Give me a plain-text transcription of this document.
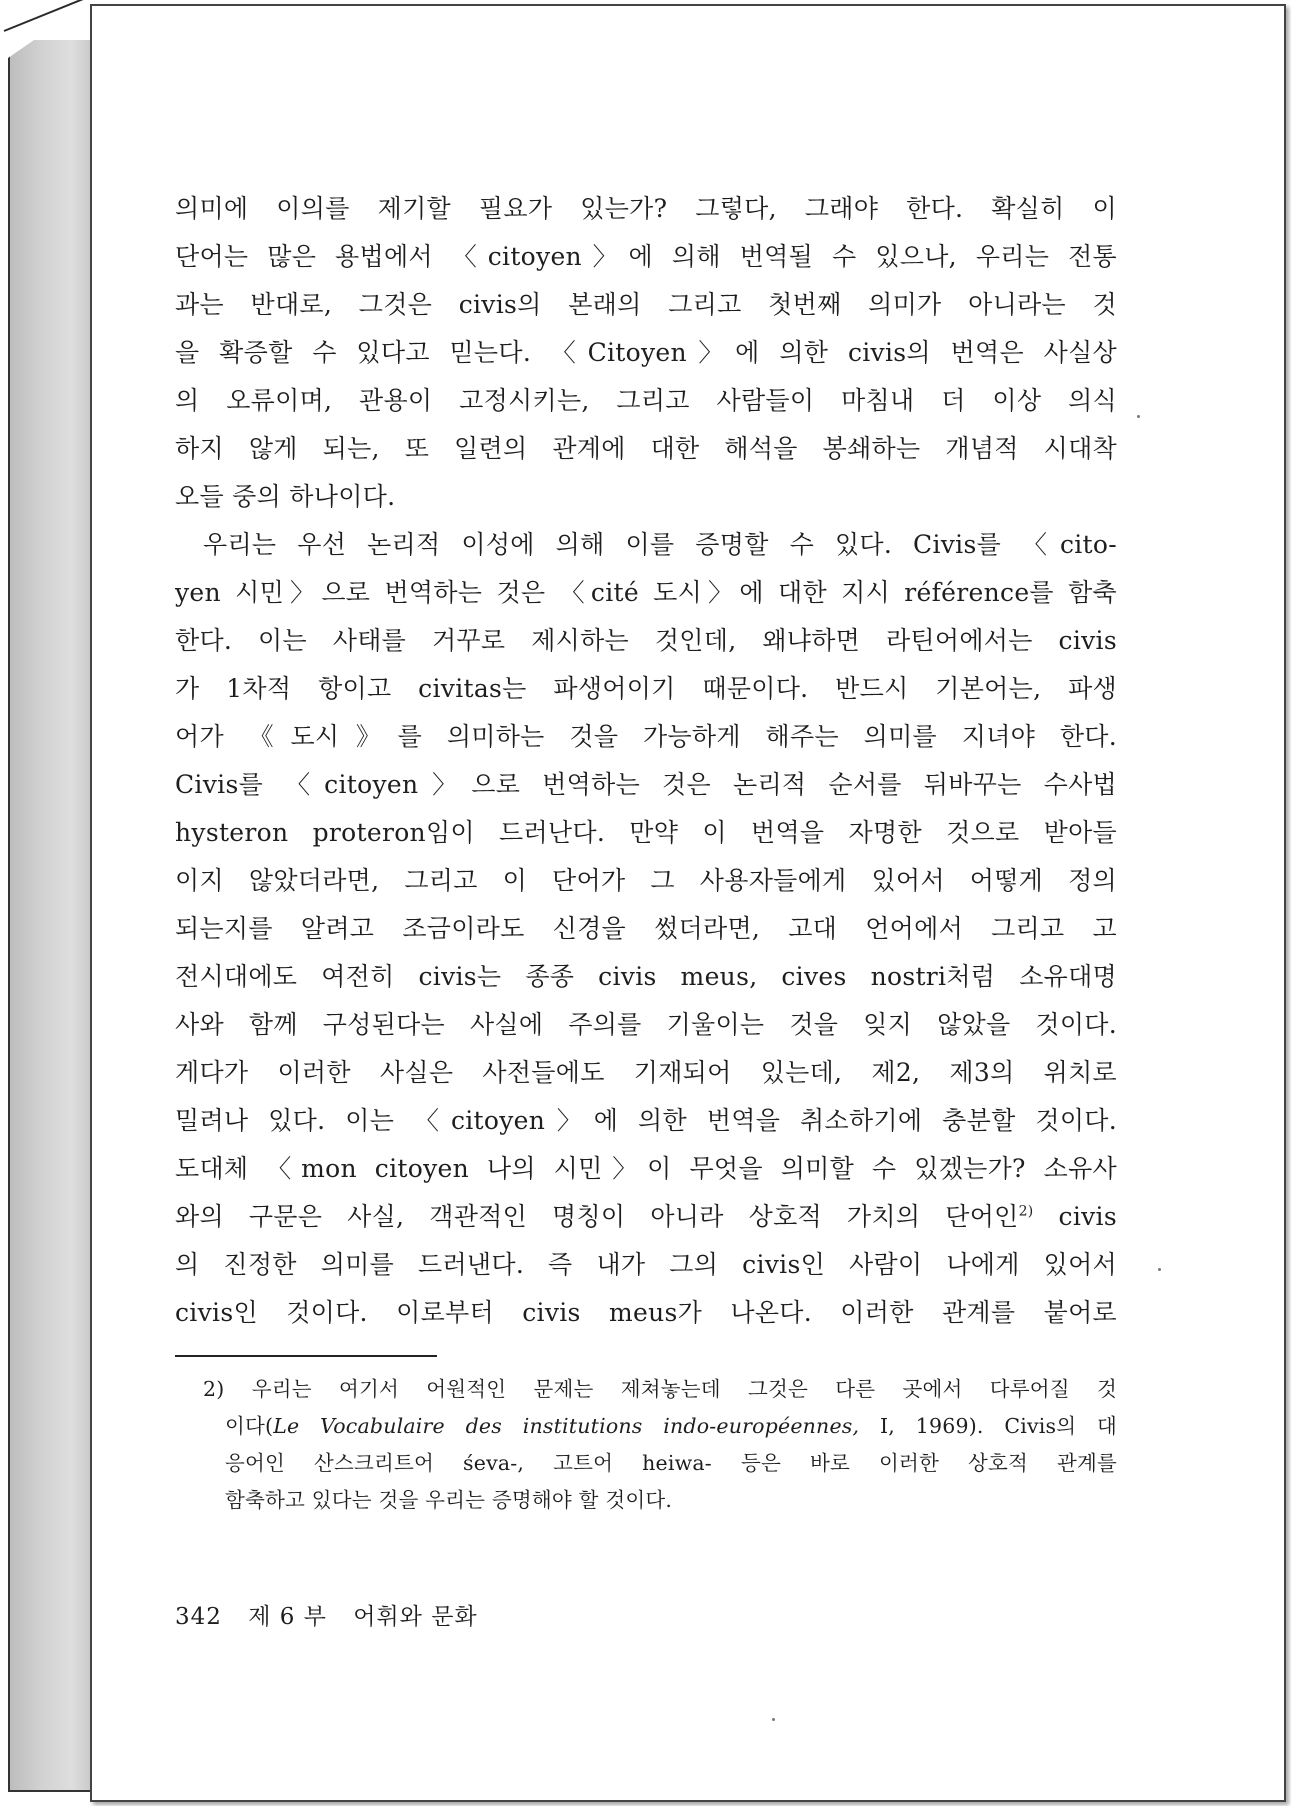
의미에 이의를 제기할 필요가 있는가? 그렇다, 그래야 한다. 확실히 이
단어는 많은 용법에서 〈citoyen〉에 의해 번역될 수 있으나, 우리는 전통
과는 반대로, 그것은 civis의 본래의 그리고 첫번째 의미가 아니라는 것
을 확증할 수 있다고 믿는다. 〈Citoyen〉에 의한 civis의 번역은 사실상
의 오류이며, 관용이 고정시키는, 그리고 사람들이 마침내 더 이상 의식
하지 않게 되는, 또 일련의 관계에 대한 해석을 봉쇄하는 개념적 시대착
오들 중의 하나이다.

우리는 우선 논리적 이성에 의해 이를 증명할 수 있다. Civis를 〈cito-
yen 시민〉으로 번역하는 것은 〈cité 도시〉에 대한 지시 référence를 함축
한다. 이는 사태를 거꾸로 제시하는 것인데, 왜냐하면 라틴어에서는 civis
가 1차적 항이고 civitas는 파생어이기 때문이다. 반드시 기본어는, 파생
어가 《도시》를 의미하는 것을 가능하게 해주는 의미를 지녀야 한다.
Civis를 〈citoyen〉으로 번역하는 것은 논리적 순서를 뒤바꾸는 수사법
hysteron proteron임이 드러난다. 만약 이 번역을 자명한 것으로 받아들
이지 않았더라면, 그리고 이 단어가 그 사용자들에게 있어서 어떻게 정의
되는지를 알려고 조금이라도 신경을 썼더라면, 고대 언어에서 그리고 고
전시대에도 여전히 civis는 종종 civis meus, cives nostri처럼 소유대명
사와 함께 구성된다는 사실에 주의를 기울이는 것을 잊지 않았을 것이다.
게다가 이러한 사실은 사전들에도 기재되어 있는데, 제2, 제3의 위치로
밀려나 있다. 이는 〈citoyen〉에 의한 번역을 취소하기에 충분할 것이다.
도대체 〈mon citoyen 나의 시민〉이 무엇을 의미할 수 있겠는가? 소유사
와의 구문은 사실, 객관적인 명칭이 아니라 상호적 가치의 단어인$^{2)}$ civis
의 진정한 의미를 드러낸다. 즉 내가 그의 civis인 사람이 나에게 있어서
civis인 것이다. 이로부터 civis meus가 나온다. 이러한 관계를 붙어로

2) 우리는 여기서 어원적인 문제는 제쳐놓는데 그것은 다른 곳에서 다루어질 것
이다(Le Vocabulaire des institutions indo-européennes, I, 1969). Civis의 대
응어인 산스크리트어 śeva-, 고트어 heiwa- 등은 바로 이러한 상호적 관계를
함축하고 있다는 것을 우리는 증명해야 할 것이다.
342 제 6 부 어휘와 문화
